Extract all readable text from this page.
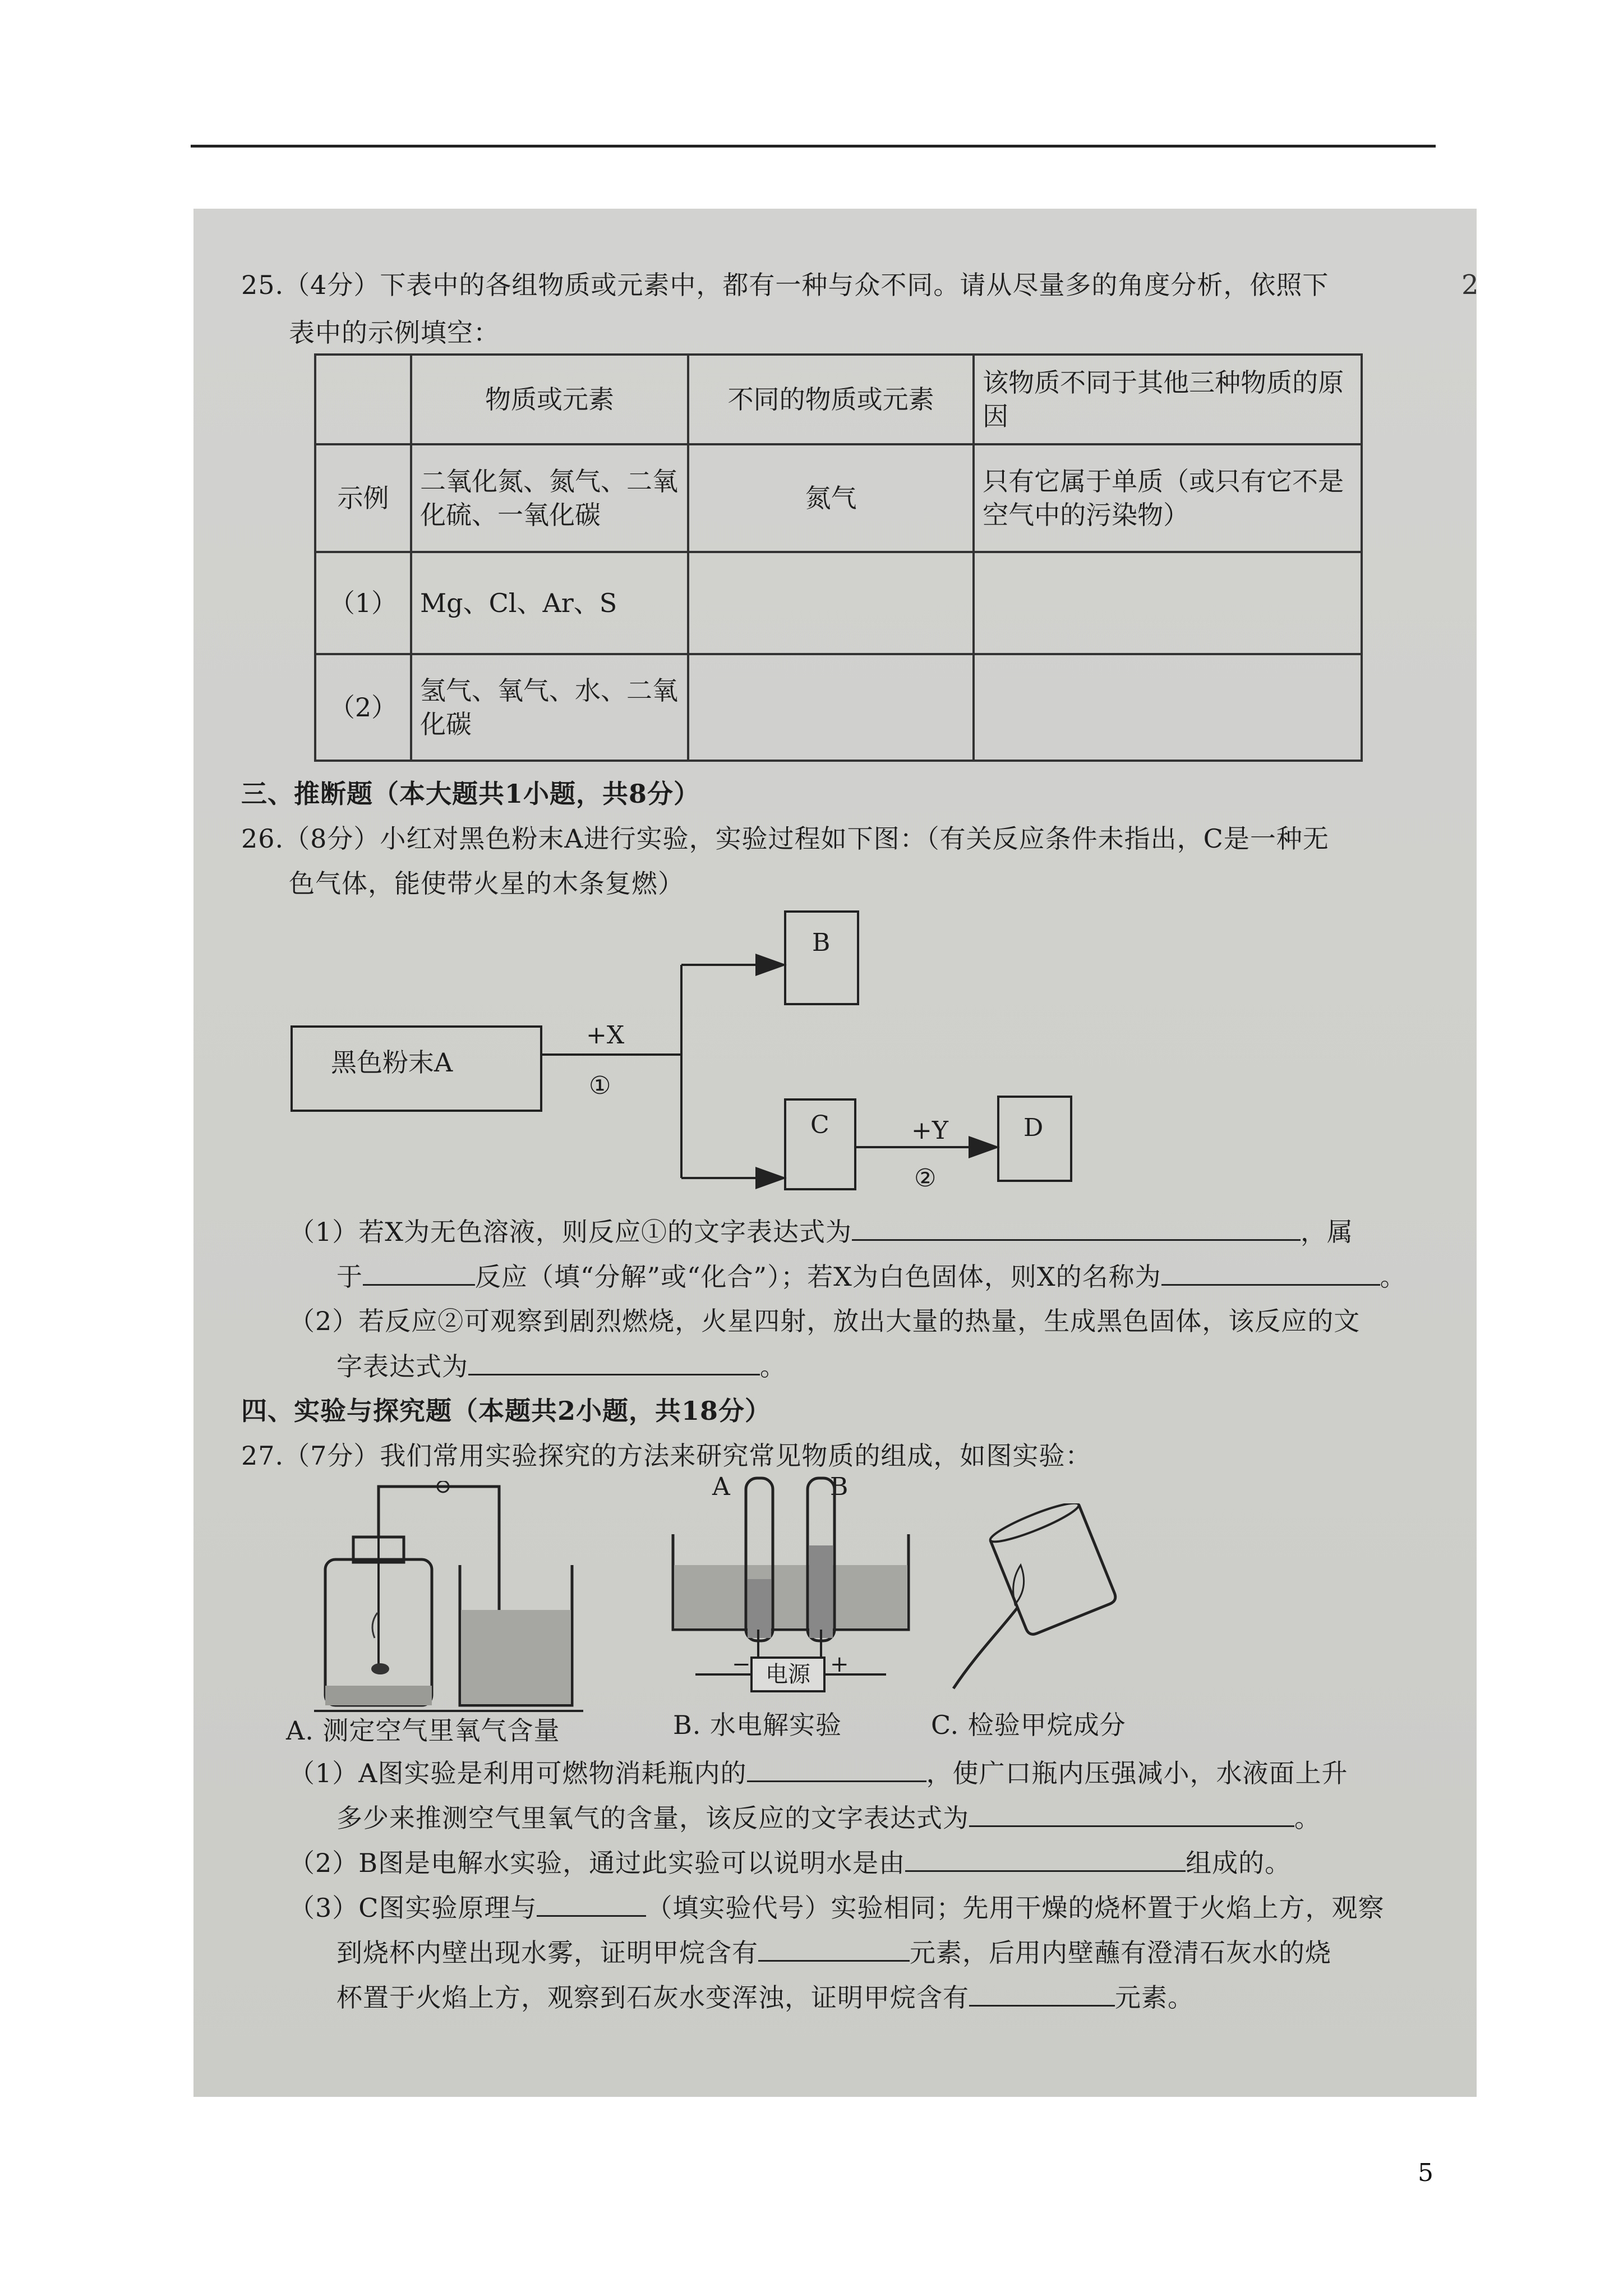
2
25.（4分）下表中的各组物质或元素中，都有一种与众不同。请从尽量多的角度分析，依照下
表中的示例填空：
	物质或元素	不同的物质或元素	该物质不同于其他三种物质的原因
示例	二氧化氮、氮气、二氧化硫、一氧化碳	氮气	只有它属于单质（或只有它不是空气中的污染物）
（1）	Mg、Cl、Ar、S		
（2）	氢气、氧气、水、二氧化碳		
三、推断题（本大题共1小题，共8分）
26.（8分）小红对黑色粉末A进行实验，实验过程如下图：（有关反应条件未指出，C是一种无
色气体，能使带火星的木条复燃）
黑色粉末A
+X
①
B
C	+Y
②
D
（1）若X为无色溶液，则反应①的文字表达式为	，属
于	反应（填“分解”或“化合”）；若X为白色固体，则X的名称为	。
（2）若反应②可观察到剧烈燃烧，火星四射，放出大量的热量，生成黑色固体，该反应的文
字表达式为	。
四、实验与探究题（本题共2小题，共18分）
27.（7分）我们常用实验探究的方法来研究常见物质的组成，如图实验：
A	B
电源
−	+
A. 测定空气里氧气含量	B. 水电解实验	C. 检验甲烷成分
（1）A图实验是利用可燃物消耗瓶内的	，使广口瓶内压强减小，水液面上升
多少来推测空气里氧气的含量，该反应的文字表达式为	。
（2）B图是电解水实验，通过此实验可以说明水是由	组成的。
（3）C图实验原理与	（填实验代号）实验相同；先用干燥的烧杯置于火焰上方，观察
到烧杯内壁出现水雾，证明甲烷含有	元素，后用内壁蘸有澄清石灰水的烧
杯置于火焰上方，观察到石灰水变浑浊，证明甲烷含有	元素。
5
